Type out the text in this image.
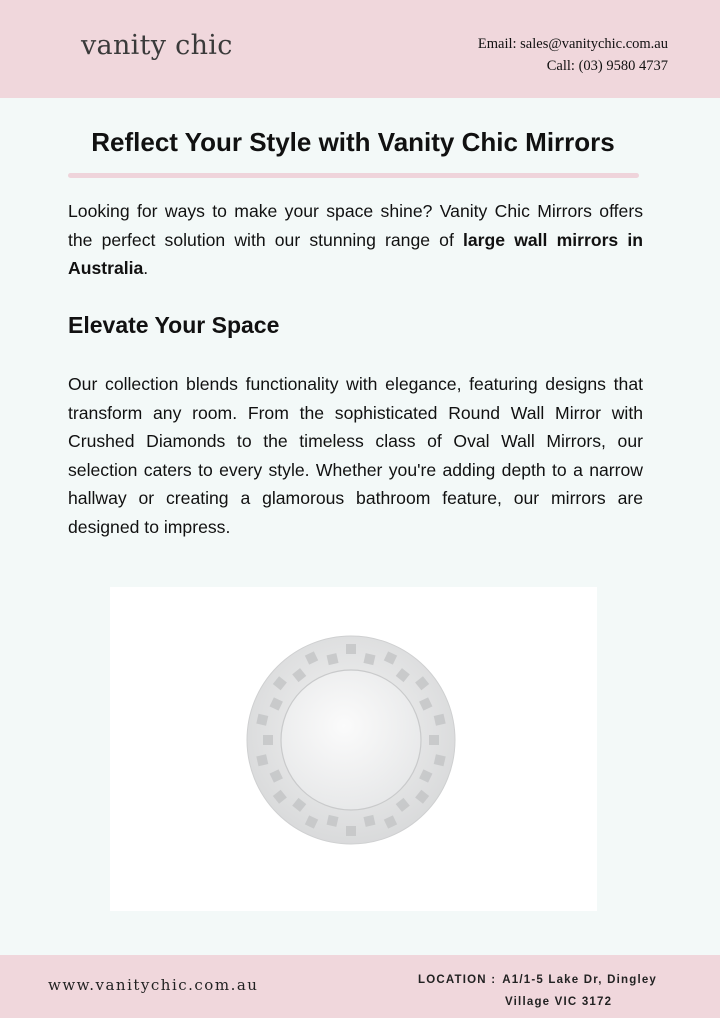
vanity chic	Email: sales@vanitychic.com.au
Call: (03) 9580 4737
Reflect Your Style with Vanity Chic Mirrors

Looking for ways to make your space shine? Vanity Chic Mirrors offers the perfect solution with our stunning range of large wall mirrors in Australia.

Elevate Your Space

Our collection blends functionality with elegance, featuring designs that transform any room. From the sophisticated Round Wall Mirror with Crushed Diamonds to the timeless class of Oval Wall Mirrors, our selection caters to every style. Whether you're adding depth to a narrow hallway or creating a glamorous bathroom feature, our mirrors are designed to impress.

www.vanitychic.com.au	LOCATION : A1/1-5 Lake Dr, Dingley
Village VIC 3172
